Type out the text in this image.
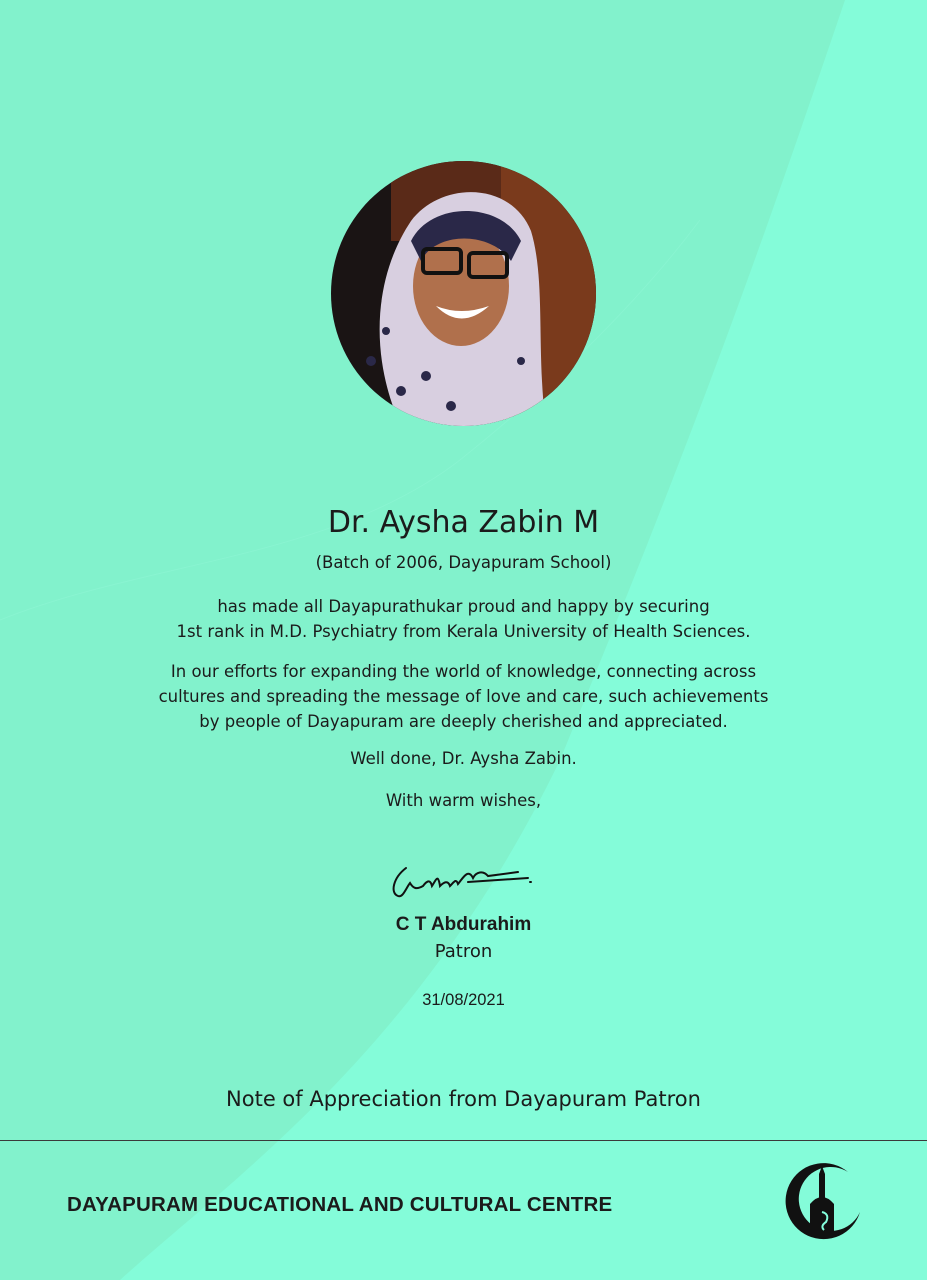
Dr. Aysha Zabin M
(Batch of 2006, Dayapuram School)
has made all Dayapurathukar proud and happy by securing
1st rank in M.D. Psychiatry from Kerala University of Health Sciences.
In our efforts for expanding the world of knowledge, connecting across
cultures and spreading the message of love and care, such achievements
by people of Dayapuram are deeply cherished and appreciated.
Well done, Dr. Aysha Zabin.
With warm wishes,
C T Abdurahim
Patron
31/08/2021
Note of Appreciation from Dayapuram Patron
DAYAPURAM EDUCATIONAL AND CULTURAL CENTRE
